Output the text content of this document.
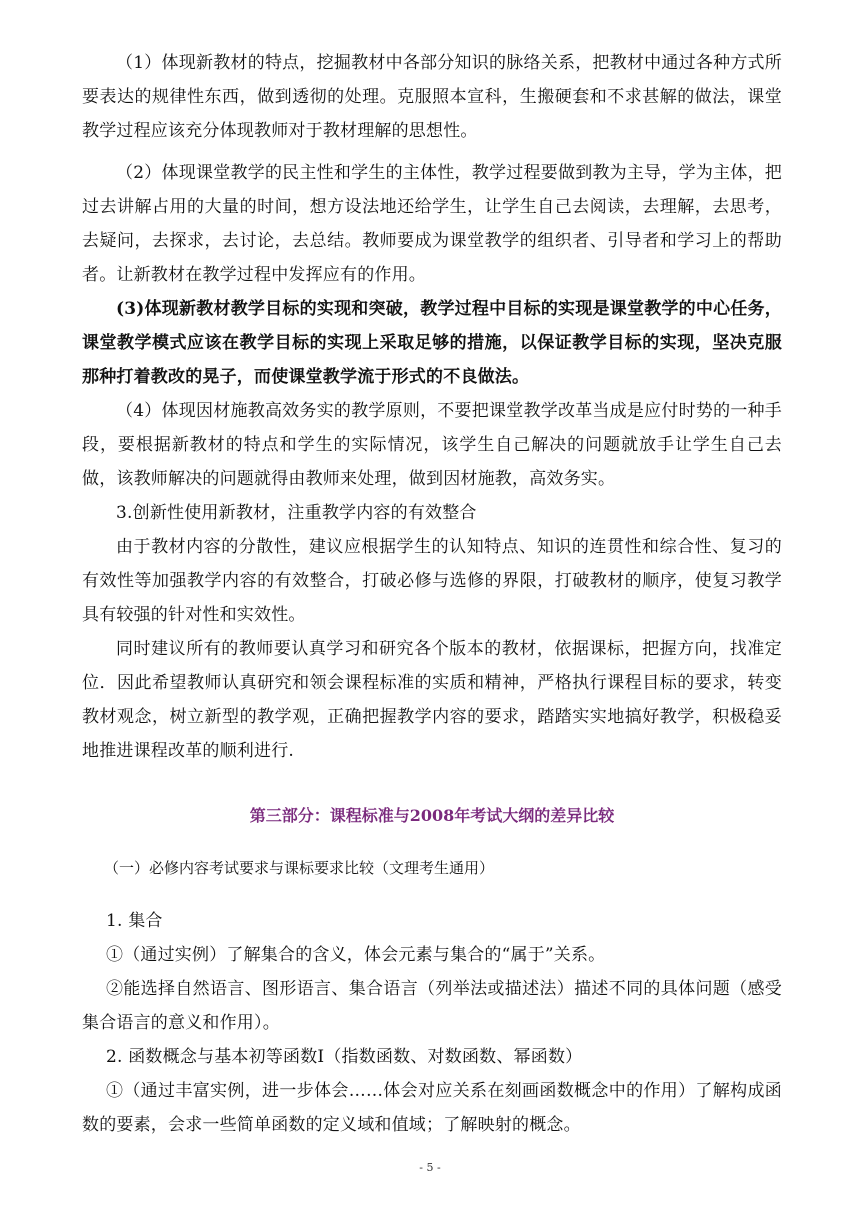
（1）体现新教材的特点，挖掘教材中各部分知识的脉络关系，把教材中通过各种方式所要表达的规律性东西，做到透彻的处理。克服照本宣科，生搬硬套和不求甚解的做法，课堂教学过程应该充分体现教师对于教材理解的思想性。

（2）体现课堂教学的民主性和学生的主体性，教学过程要做到教为主导，学为主体，把过去讲解占用的大量的时间，想方设法地还给学生，让学生自己去阅读，去理解，去思考，去疑问，去探求，去讨论，去总结。教师要成为课堂教学的组织者、引导者和学习上的帮助者。让新教材在教学过程中发挥应有的作用。

(3)体现新教材教学目标的实现和突破，教学过程中目标的实现是课堂教学的中心任务，课堂教学模式应该在教学目标的实现上采取足够的措施，以保证教学目标的实现，坚决克服那种打着教改的晃子，而使课堂教学流于形式的不良做法。

（4）体现因材施教高效务实的教学原则，不要把课堂教学改革当成是应付时势的一种手段，要根据新教材的特点和学生的实际情况，该学生自己解决的问题就放手让学生自己去做，该教师解决的问题就得由教师来处理，做到因材施教，高效务实。

3.创新性使用新教材，注重教学内容的有效整合

由于教材内容的分散性，建议应根据学生的认知特点、知识的连贯性和综合性、复习的有效性等加强教学内容的有效整合，打破必修与选修的界限，打破教材的顺序，使复习教学具有较强的针对性和实效性。

同时建议所有的教师要认真学习和研究各个版本的教材，依据课标，把握方向，找准定位．因此希望教师认真研究和领会课程标准的实质和精神，严格执行课程目标的要求，转变教材观念，树立新型的教学观，正确把握教学内容的要求，踏踏实实地搞好教学，积极稳妥地推进课程改革的顺利进行.

第三部分：课程标准与2008年考试大纲的差异比较
（一）必修内容考试要求与课标要求比较（文理考生通用）

1. 集合

①（通过实例）了解集合的含义，体会元素与集合的“属于”关系。

②能选择自然语言、图形语言、集合语言（列举法或描述法）描述不同的具体问题（感受集合语言的意义和作用）。

2. 函数概念与基本初等函数Ⅰ（指数函数、对数函数、幂函数）

①（通过丰富实例，进一步体会……体会对应关系在刻画函数概念中的作用）了解构成函数的要素，会求一些简单函数的定义域和值域；了解映射的概念。

- 5 -
